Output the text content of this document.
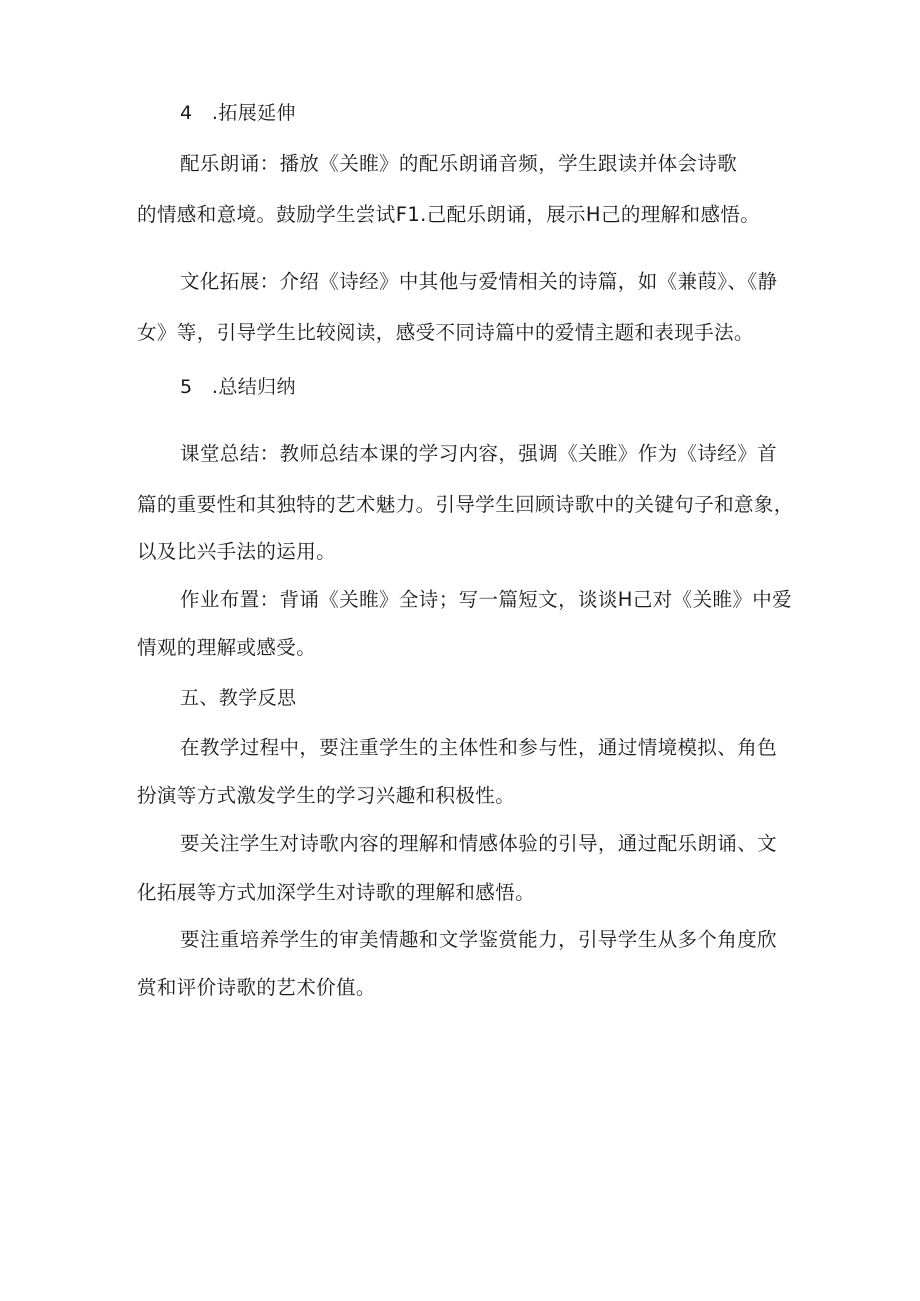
4　.拓展延伸
配乐朗诵：播放《关睢》的配乐朗诵音频，学生跟读并体会诗歌
的情感和意境。鼓励学生尝试F1.己配乐朗诵，展示H己的理解和感悟。
文化拓展：介绍《诗经》中其他与爱情相关的诗篇，如《兼葭》、《静
女》等，引导学生比较阅读，感受不同诗篇中的爱情主题和表现手法。
5　.总结归纳
课堂总结：教师总结本课的学习内容，强调《关睢》作为《诗经》首
篇的重要性和其独特的艺术魅力。引导学生回顾诗歌中的关键句子和意象，
以及比兴手法的运用。
作业布置：背诵《关睢》全诗；写一篇短文，谈谈H己对《关睢》中爱
情观的理解或感受。
五、教学反思
在教学过程中，要注重学生的主体性和参与性，通过情境模拟、角色
扮演等方式激发学生的学习兴趣和积极性。
要关注学生对诗歌内容的理解和情感体验的引导，通过配乐朗诵、文
化拓展等方式加深学生对诗歌的理解和感悟。
要注重培养学生的审美情趣和文学鉴赏能力，引导学生从多个角度欣
赏和评价诗歌的艺术价值。
